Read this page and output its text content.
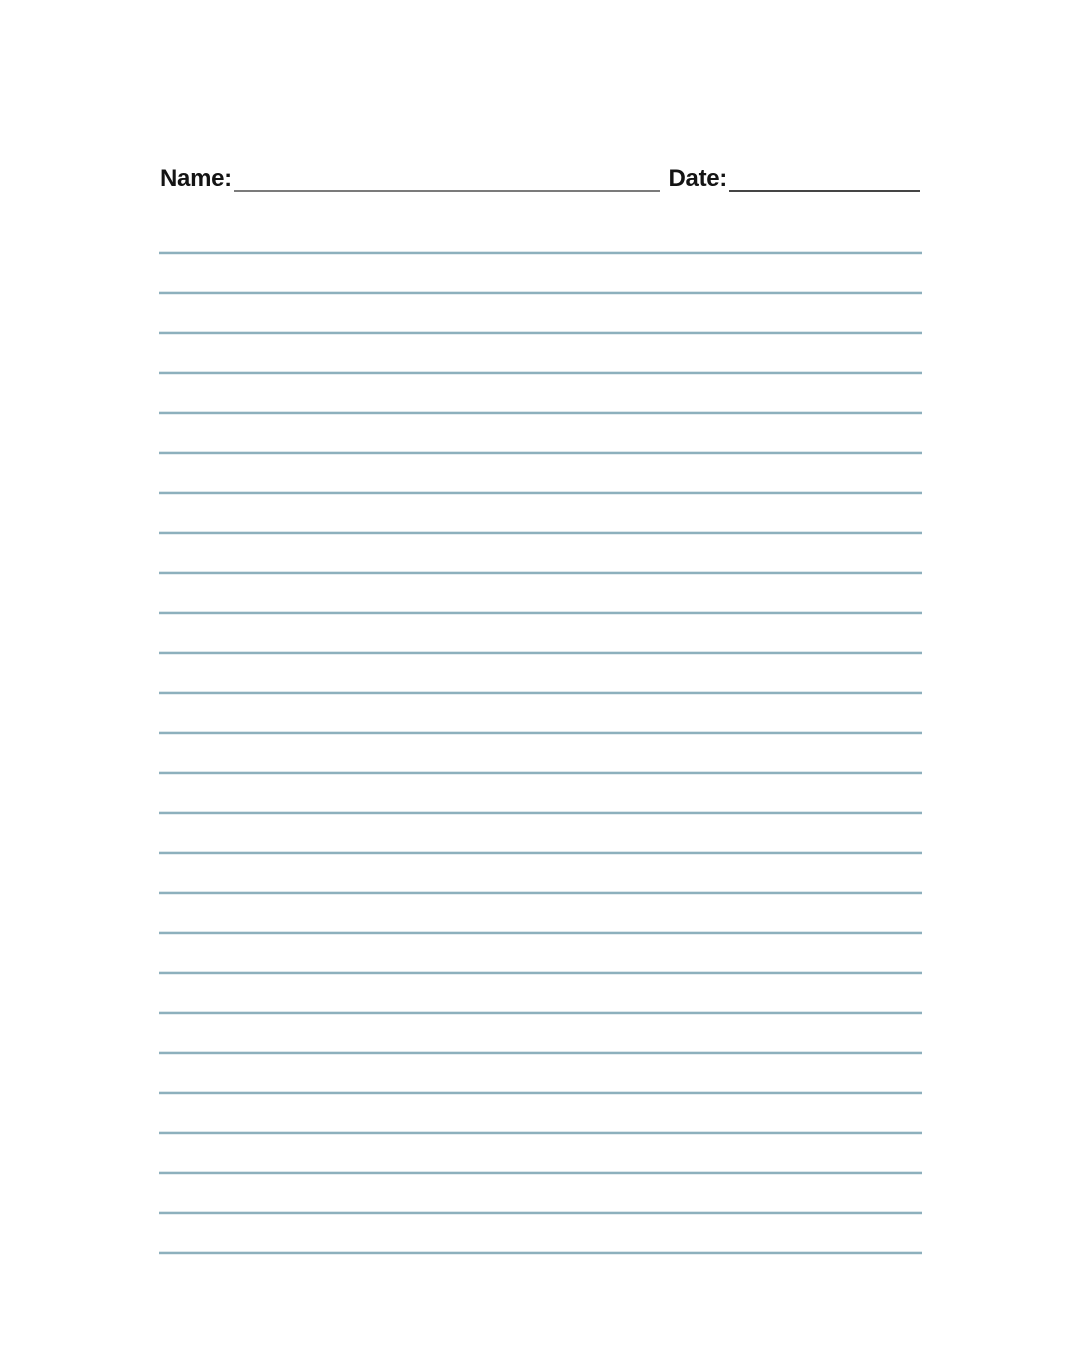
Name:	Date:
